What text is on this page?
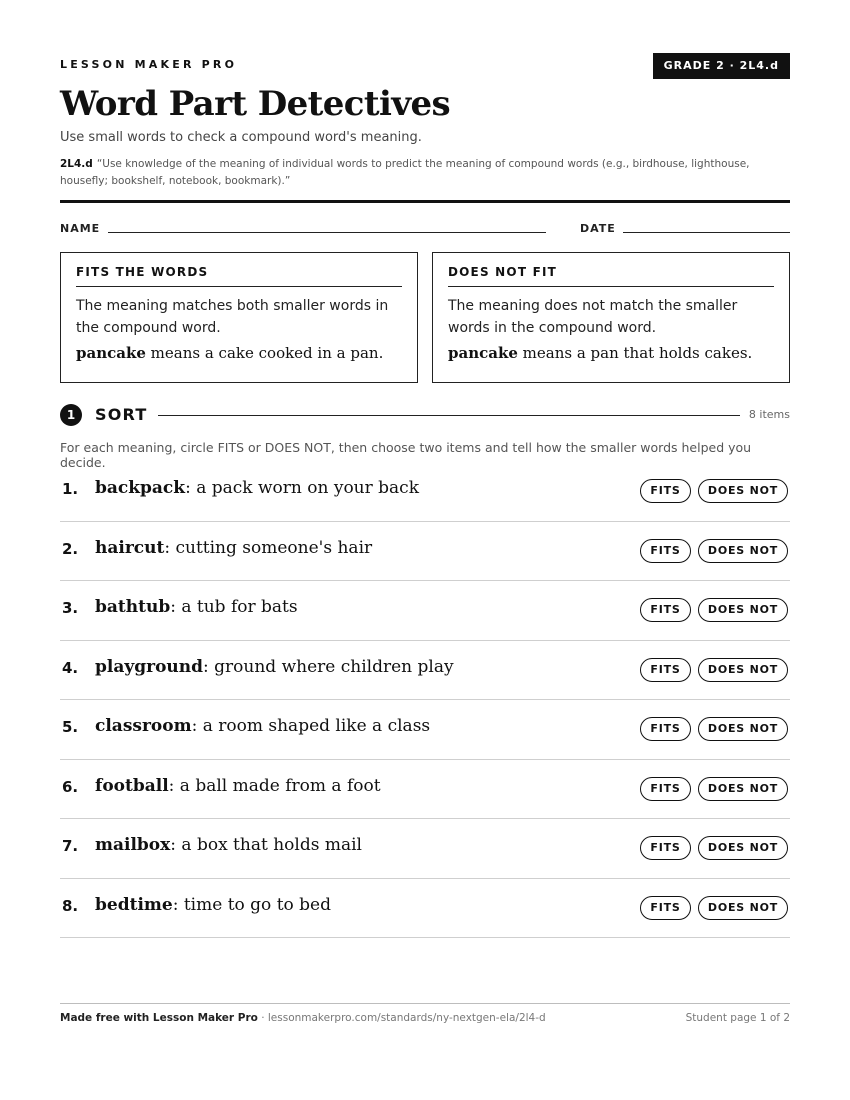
LESSON MAKER PRO	GRADE 2 · 2L4.d
Word Part Detectives
Use small words to check a compound word's meaning.
2L4.d “Use knowledge of the meaning of individual words to predict the meaning of compound words (e.g., birdhouse, lighthouse, housefly; bookshelf, notebook, bookmark).”
NAME	DATE
FITS THE WORDS
The meaning matches both smaller words in the compound word.
pancake means a cake cooked in a pan.
DOES NOT FIT
The meaning does not match the smaller words in the compound word.
pancake means a pan that holds cakes.
1	SORT	8 items
For each meaning, circle FITS or DOES NOT, then choose two items and tell how the smaller words helped you decide.
1. backpack: a pack worn on your back	FITS	DOES NOT
2. haircut: cutting someone's hair	FITS	DOES NOT
3. bathtub: a tub for bats	FITS	DOES NOT
4. playground: ground where children play	FITS	DOES NOT
5. classroom: a room shaped like a class	FITS	DOES NOT
6. football: a ball made from a foot	FITS	DOES NOT
7. mailbox: a box that holds mail	FITS	DOES NOT
8. bedtime: time to go to bed	FITS	DOES NOT
Made free with Lesson Maker Pro · lessonmakerpro.com/standards/ny-nextgen-ela/2l4-d	Student page 1 of 2
